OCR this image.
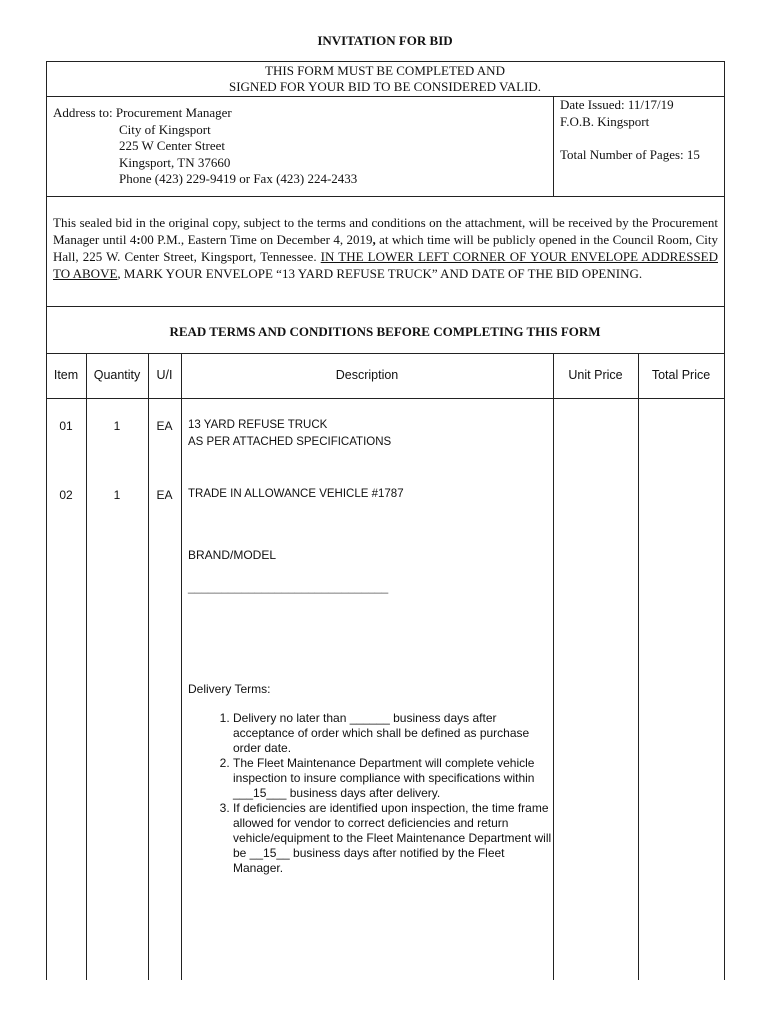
INVITATION FOR BID
THIS FORM MUST BE COMPLETED AND
SIGNED FOR YOUR BID TO BE CONSIDERED VALID.
Address to: Procurement Manager
City of Kingsport
225 W Center Street
Kingsport, TN 37660
Phone (423) 229-9419 or Fax (423) 224-2433
Date Issued: 11/17/19
F.O.B. Kingsport
Total Number of Pages: 15
This sealed bid in the original copy, subject to the terms and conditions on the attachment, will be received by the Procurement Manager until 4:00 P.M., Eastern Time on December 4, 2019, at which time will be publicly opened in the Council Room, City Hall, 225 W. Center Street, Kingsport, Tennessee. IN THE LOWER LEFT CORNER OF YOUR ENVELOPE ADDRESSED TO ABOVE, MARK YOUR ENVELOPE “13 YARD REFUSE TRUCK” AND DATE OF THE BID OPENING.
READ TERMS AND CONDITIONS BEFORE COMPLETING THIS FORM
Item	Quantity	U/I	Description	Unit Price	Total Price
01	1	EA	13 YARD REFUSE TRUCK
AS PER ATTACHED SPECIFICATIONS
02	1	EA	TRADE IN ALLOWANCE VEHICLE #1787
BRAND/MODEL
______________________________
Delivery Terms:
1. Delivery no later than ______ business days after acceptance of order which shall be defined as purchase order date.
2. The Fleet Maintenance Department will complete vehicle inspection to insure compliance with specifications within ___15___ business days after delivery.
3. If deficiencies are identified upon inspection, the time frame allowed for vendor to correct deficiencies and return vehicle/equipment to the Fleet Maintenance Department will be __15__ business days after notified by the Fleet Manager.
